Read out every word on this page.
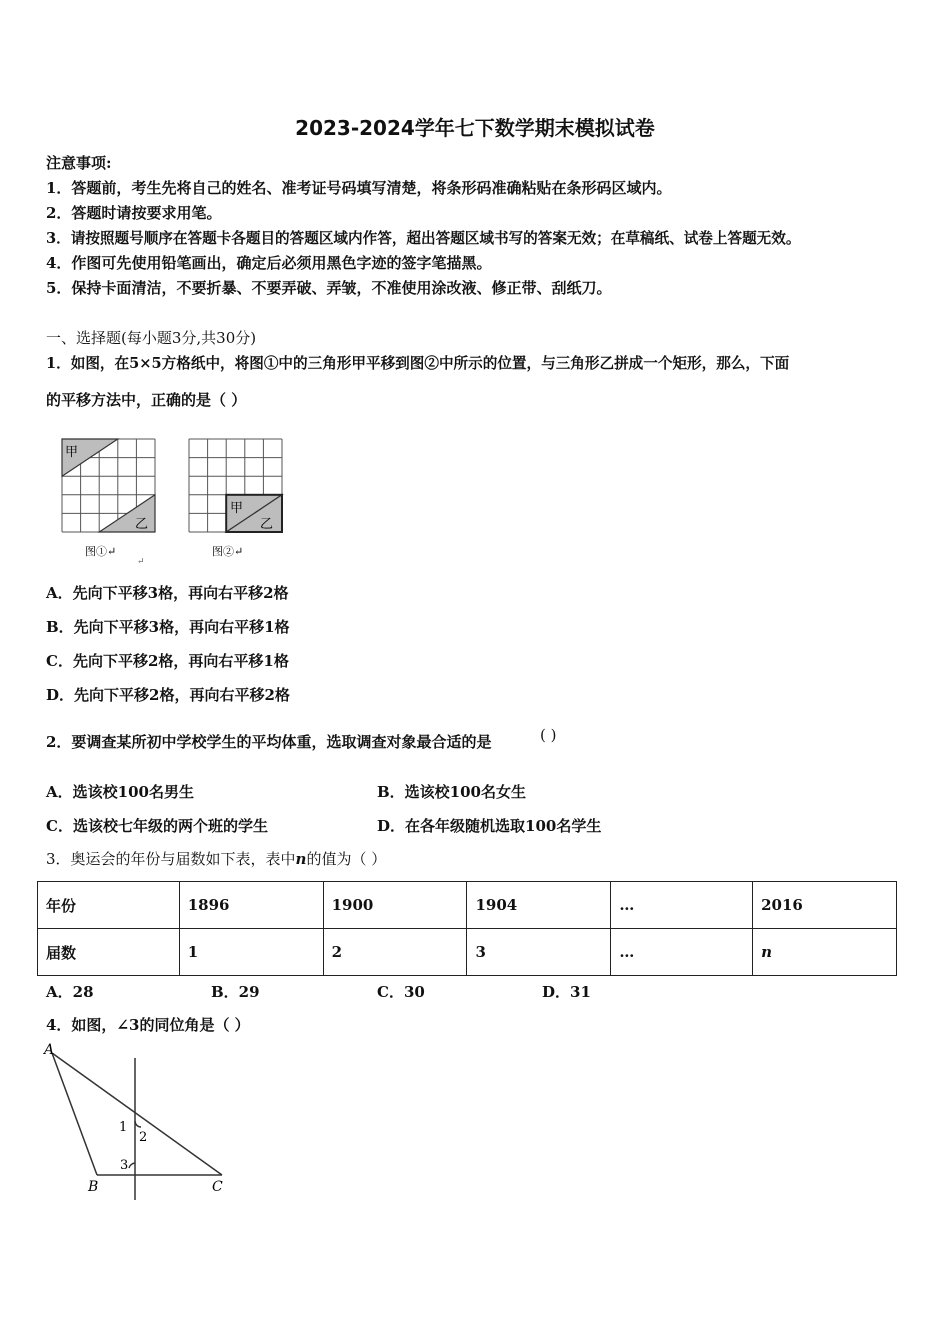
2023-2024学年七下数学期末模拟试卷
注意事项:
1．答题前，考生先将自己的姓名、准考证号码填写清楚，将条形码准确粘贴在条形码区域内。
2．答题时请按要求用笔。
3．请按照题号顺序在答题卡各题目的答题区域内作答，超出答题区域书写的答案无效；在草稿纸、试卷上答题无效。
4．作图可先使用铅笔画出，确定后必须用黑色字迹的签字笔描黑。
5．保持卡面清洁，不要折暴、不要弄破、弄皱，不准使用涂改液、修正带、刮纸刀。
一、选择题(每小题3分,共30分)
1．如图，在5×5方格纸中，将图①中的三角形甲平移到图②中所示的位置，与三角形乙拼成一个矩形，那么，下面
的平移方法中，正确的是（ ）
甲
乙
图①↵
↵
甲
乙
图②↵
A．先向下平移3格，再向右平移2格
B．先向下平移3格，再向右平移1格
C．先向下平移2格，再向右平移1格
D．先向下平移2格，再向右平移2格
2．要调查某所初中学校学生的平均体重，选取调查对象最合适的是	( )
A．选该校100名男生	B．选该校100名女生
C．选该校七年级的两个班的学生	D．在各年级随机选取100名学生
3．奥运会的年份与届数如下表，表中n的值为（ ）
年份	1896	1900	1904	…	2016
届数	1	2	3	…	n
A．28	B．29	C．30	D．31
4．如图，∠3的同位角是（ ）
A
B	C
1
2
3
